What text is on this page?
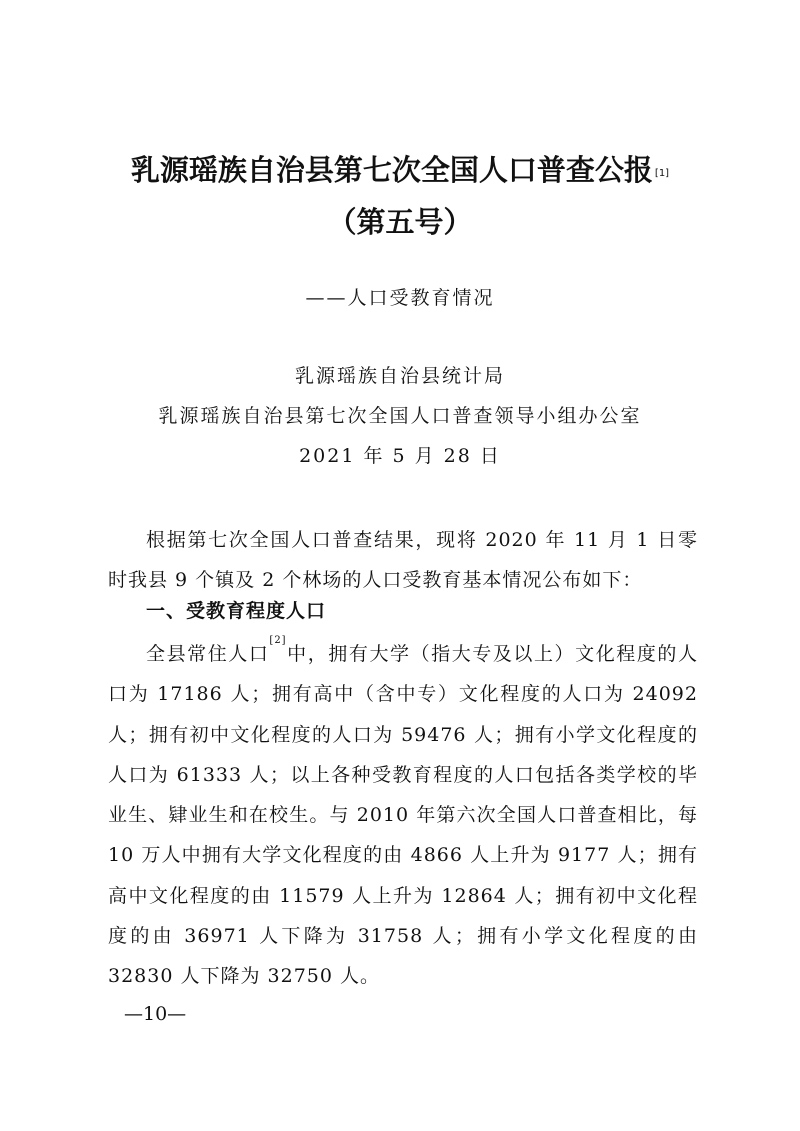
乳源瑶族自治县第七次全国人口普查公报 [1]
（第五号）
——人口受教育情况
乳源瑶族自治县统计局
乳源瑶族自治县第七次全国人口普查领导小组办公室
2021 年 5 月 28 日
根据第七次全国人口普查结果，现将 2020 年 11 月 1 日零时我县 9 个镇及 2 个林场的人口受教育基本情况公布如下：
一、受教育程度人口
全县常住人口[2]中，拥有大学（指大专及以上）文化程度的人口为 17186 人；拥有高中（含中专）文化程度的人口为 24092 人；拥有初中文化程度的人口为 59476 人；拥有小学文化程度的人口为 61333 人；以上各种受教育程度的人口包括各类学校的毕业生、肄业生和在校生。与 2010 年第六次全国人口普查相比，每 10 万人中拥有大学文化程度的由 4866 人上升为 9177 人；拥有高中文化程度的由 11579 人上升为 12864 人；拥有初中文化程度的由 36971 人下降为 31758 人；拥有小学文化程度的由 32830 人下降为 32750 人。
—10—
